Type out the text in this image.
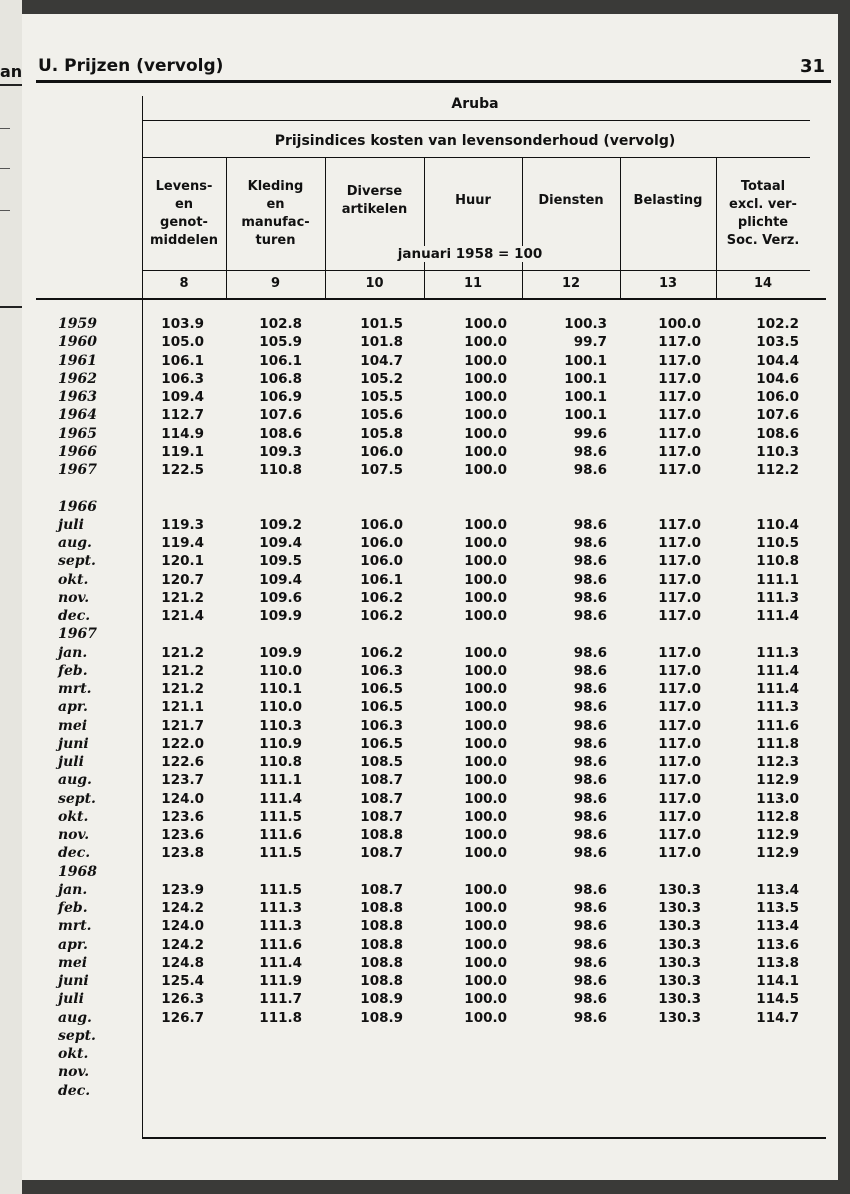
an U. Prijzen (vervolg)	31
Aruba
Prijsindices kosten van levensonderhoud (vervolg)
Levens-
en
genot-
middelen
8
Kleding
en
manufac-
turen
9
Diverse
artikelen
10
Huur
11
Diensten
12
Belasting
13
Totaal
excl. ver-
plichte
Soc. Verz.
14
januari 1958 = 100
1959	103.9	102.8	101.5	100.0	100.3	100.0	102.2
1960	105.0	105.9	101.8	100.0	99.7	117.0	103.5
1961	106.1	106.1	104.7	100.0	100.1	117.0	104.4
1962	106.3	106.8	105.2	100.0	100.1	117.0	104.6
1963	109.4	106.9	105.5	100.0	100.1	117.0	106.0
1964	112.7	107.6	105.6	100.0	100.1	117.0	107.6
1965	114.9	108.6	105.8	100.0	99.6	117.0	108.6
1966	119.1	109.3	106.0	100.0	98.6	117.0	110.3
1967	122.5	110.8	107.5	100.0	98.6	117.0	112.2
1966
juli	119.3	109.2	106.0	100.0	98.6	117.0	110.4
aug.	119.4	109.4	106.0	100.0	98.6	117.0	110.5
sept.	120.1	109.5	106.0	100.0	98.6	117.0	110.8
okt.	120.7	109.4	106.1	100.0	98.6	117.0	111.1
nov.	121.2	109.6	106.2	100.0	98.6	117.0	111.3
dec.	121.4	109.9	106.2	100.0	98.6	117.0	111.4
1967
jan.	121.2	109.9	106.2	100.0	98.6	117.0	111.3
feb.	121.2	110.0	106.3	100.0	98.6	117.0	111.4
mrt.	121.2	110.1	106.5	100.0	98.6	117.0	111.4
apr.	121.1	110.0	106.5	100.0	98.6	117.0	111.3
mei	121.7	110.3	106.3	100.0	98.6	117.0	111.6
juni	122.0	110.9	106.5	100.0	98.6	117.0	111.8
juli	122.6	110.8	108.5	100.0	98.6	117.0	112.3
aug.	123.7	111.1	108.7	100.0	98.6	117.0	112.9
sept.	124.0	111.4	108.7	100.0	98.6	117.0	113.0
okt.	123.6	111.5	108.7	100.0	98.6	117.0	112.8
nov.	123.6	111.6	108.8	100.0	98.6	117.0	112.9
dec.	123.8	111.5	108.7	100.0	98.6	117.0	112.9
1968
jan.	123.9	111.5	108.7	100.0	98.6	130.3	113.4
feb.	124.2	111.3	108.8	100.0	98.6	130.3	113.5
mrt.	124.0	111.3	108.8	100.0	98.6	130.3	113.4
apr.	124.2	111.6	108.8	100.0	98.6	130.3	113.6
mei	124.8	111.4	108.8	100.0	98.6	130.3	113.8
juni	125.4	111.9	108.8	100.0	98.6	130.3	114.1
juli	126.3	111.7	108.9	100.0	98.6	130.3	114.5
aug.	126.7	111.8	108.9	100.0	98.6	130.3	114.7
sept.
okt.
nov.
dec.
